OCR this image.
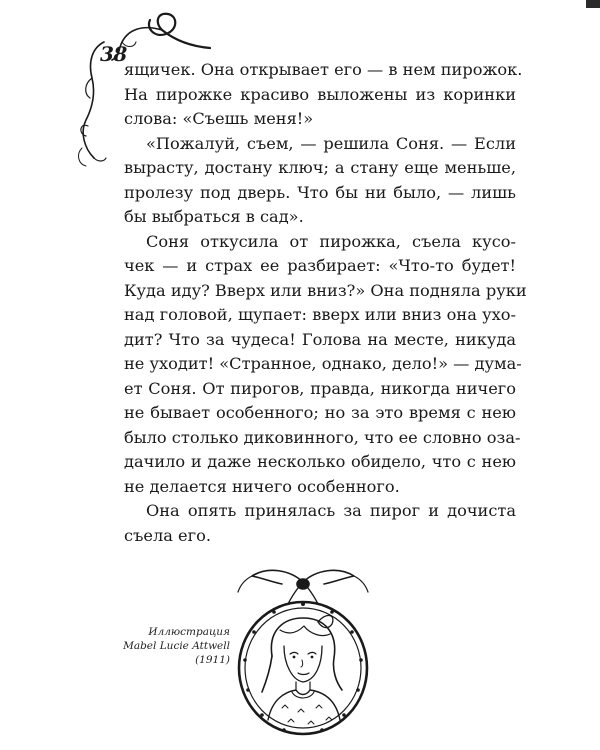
38

ящичек. Она открывает его — в нем пирожок.
На пирожке красиво выложены из коринки
слова: «Съешь меня!»

«Пожалуй, съем, — решила Соня. — Если
вырасту, достану ключ; а стану еще меньше,
пролезу под дверь. Что бы ни было, — лишь
бы выбраться в сад».

Соня откусила от пирожка, съела кусо-
чек — и страх ее разбирает: «Что-то будет!
Куда иду? Вверх или вниз?» Она подняла руки
над головой, щупает: вверх или вниз она ухо-
дит? Что за чудеса! Голова на месте, никуда
не уходит! «Странное, однако, дело!» — дума-
ет Соня. От пирогов, правда, никогда ничего
не бывает особенного; но за это время с нею
было столько диковинного, что ее словно оза-
дачило и даже несколько обидело, что с нею
не делается ничего особенного.

Она опять принялась за пирог и дочиста
съела его.

Иллюстрация
Mabel Lucie Attwell
(1911)
